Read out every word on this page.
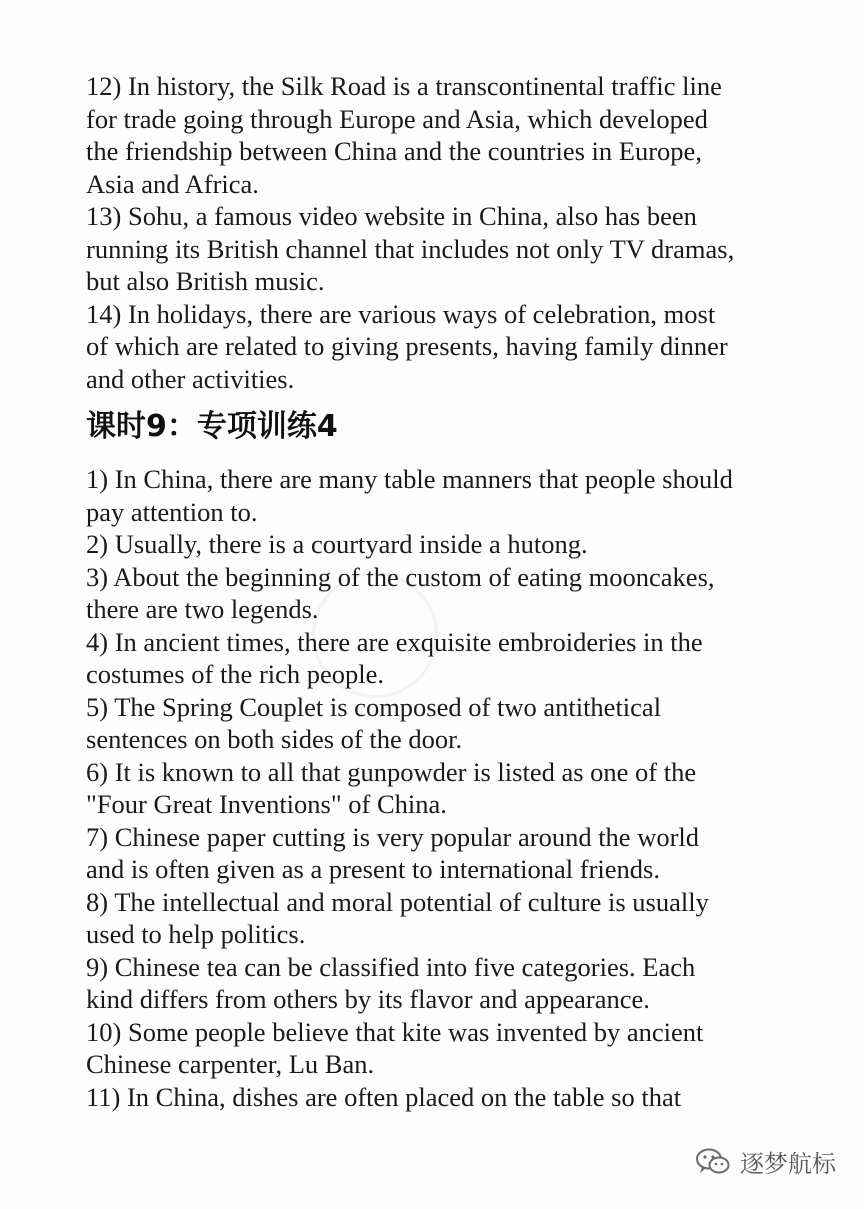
12) In history, the Silk Road is a transcontinental traffic line
for trade going through Europe and Asia, which developed
the friendship between China and the countries in Europe,
Asia and Africa.
13) Sohu, a famous video website in China, also has been
running its British channel that includes not only TV dramas,
but also British music.
14) In holidays, there are various ways of celebration, most
of which are related to giving presents, having family dinner
and other activities.
课时9：专项训练4
1) In China, there are many table manners that people should
pay attention to.
2) Usually, there is a courtyard inside a hutong.
3) About the beginning of the custom of eating mooncakes,
there are two legends.
4) In ancient times, there are exquisite embroideries in the
costumes of the rich people.
5) The Spring Couplet is composed of two antithetical
sentences on both sides of the door.
6) It is known to all that gunpowder is listed as one of the
"Four Great Inventions" of China.
7) Chinese paper cutting is very popular around the world
and is often given as a present to international friends.
8) The intellectual and moral potential of culture is usually
used to help politics.
9) Chinese tea can be classified into five categories. Each
kind differs from others by its flavor and appearance.
10) Some people believe that kite was invented by ancient
Chinese carpenter, Lu Ban.
11) In China, dishes are often placed on the table so that
逐梦航标
